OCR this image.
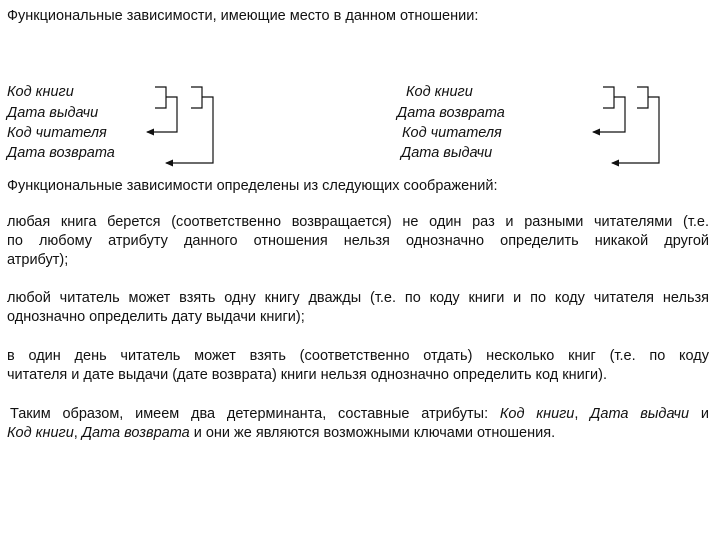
Функциональные зависимости, имеющие место в данном отношении:
Код книги
Дата выдачи
Код читателя
Дата возврата
Код книги
Дата возврата
Код читателя
Дата выдачи
Функциональные зависимости определены из следующих соображений:
любая книга берется (соответственно возвращается) не один раз и разными читателями (т.е.
по любому атрибуту данного отношения нельзя однозначно определить никакой другой
атрибут);
любой читатель может взять одну книгу дважды (т.е. по коду книги и по коду читателя нельзя
однозначно определить дату выдачи книги);
в один день читатель может взять (соответственно отдать) несколько книг (т.е. по коду
читателя и дате выдачи (дате возврата) книги нельзя однозначно определить код книги).
Таким образом, имеем два детерминанта, составные атрибуты: Код книги, Дата выдачи и
Код книги, Дата возврата и они же являются возможными ключами отношения.
